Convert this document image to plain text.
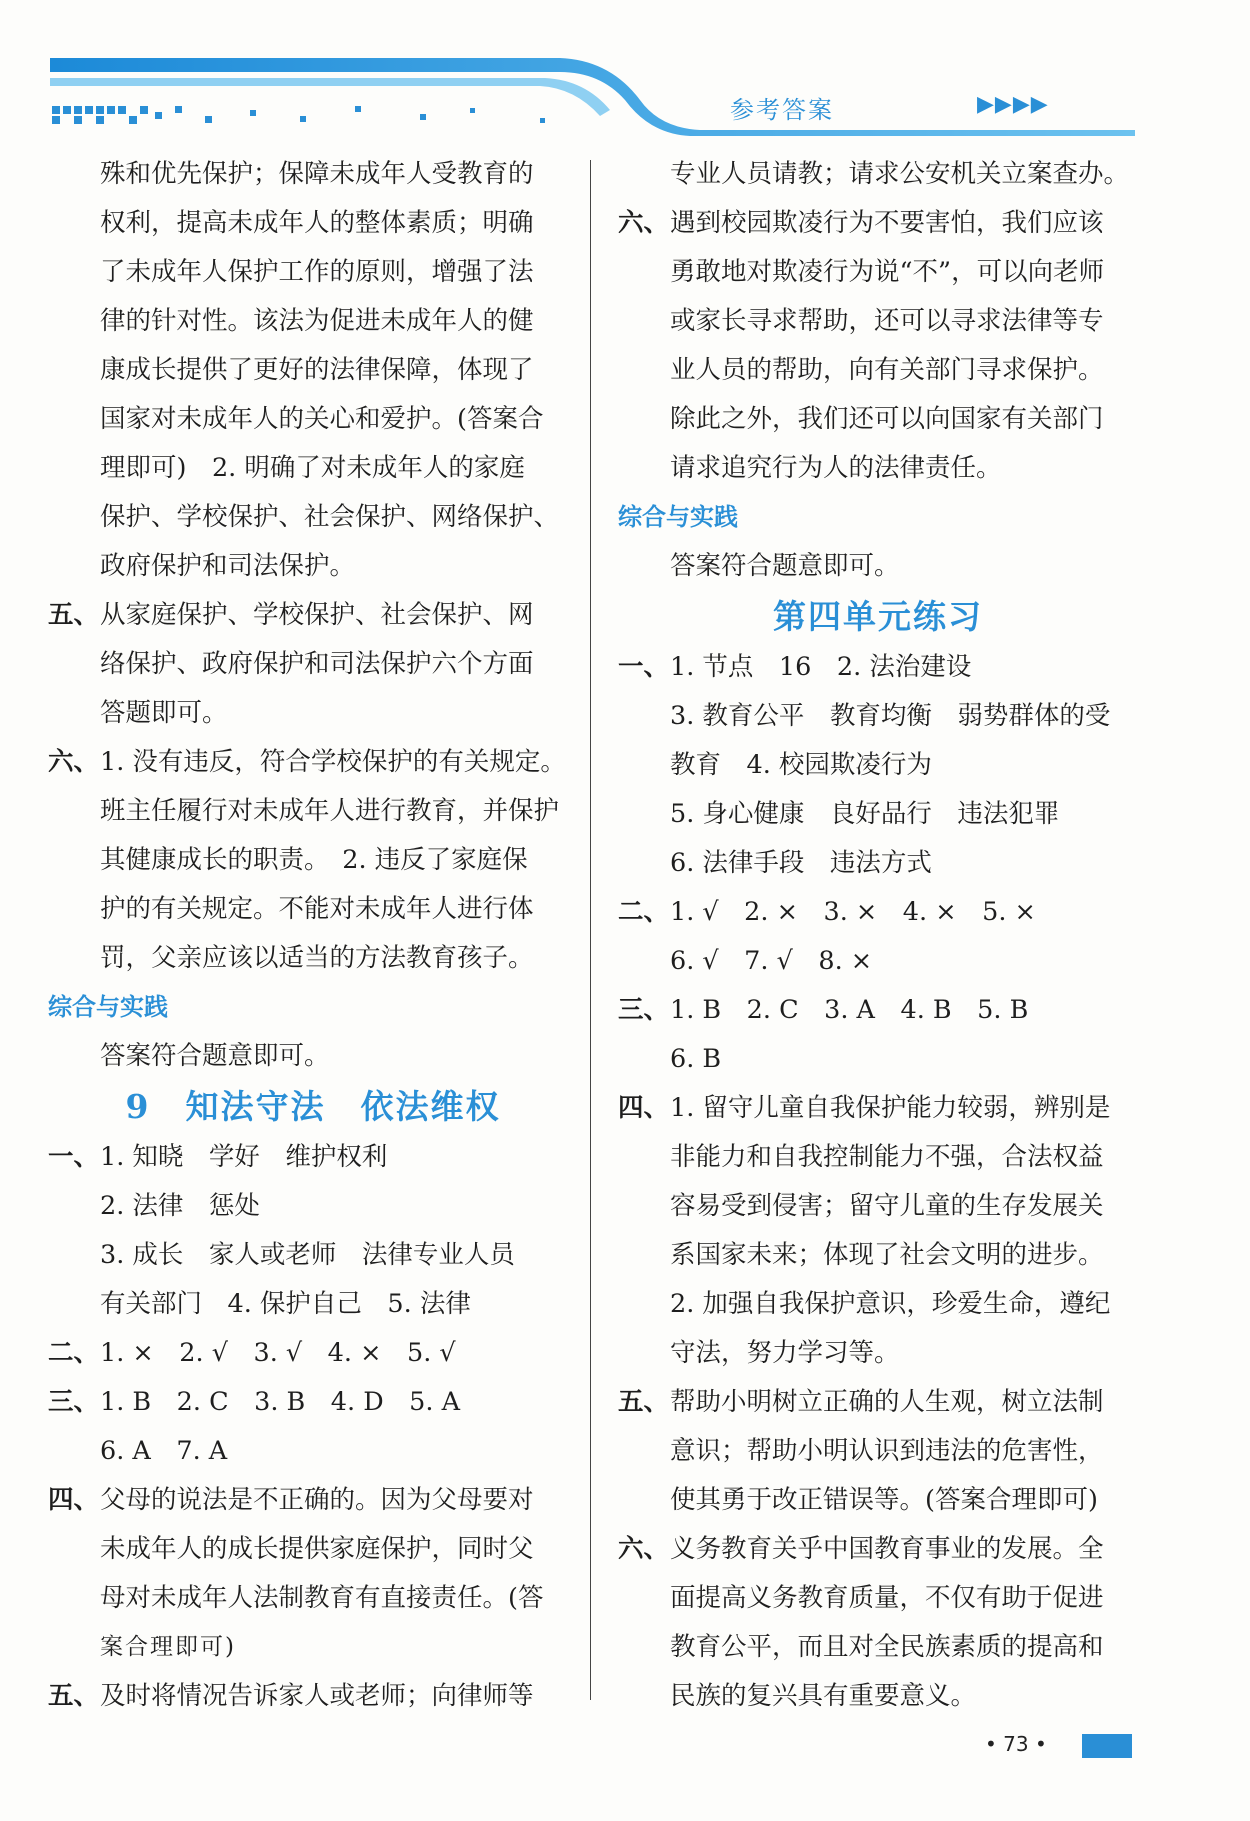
参考答案	▶▶▶▶
殊和优先保护；保障未成年人受教育的
权利，提高未成年人的整体素质；明确
了未成年人保护工作的原则，增强了法
律的针对性。该法为促进未成年人的健
康成长提供了更好的法律保障，体现了
国家对未成年人的关心和爱护。(答案合
理即可)　2. 明确了对未成年人的家庭
保护、学校保护、社会保护、网络保护、
政府保护和司法保护。
五、 从家庭保护、学校保护、社会保护、网
络保护、政府保护和司法保护六个方面
答题即可。
六、 1. 没有违反，符合学校保护的有关规定。
班主任履行对未成年人进行教育，并保护
其健康成长的职责。　2. 违反了家庭保
护的有关规定。不能对未成年人进行体
罚，父亲应该以适当的方法教育孩子。
综合与实践
答案符合题意即可。
9　知法守法　依法维权
一、 1. 知晓　学好　维护权利
2. 法律　惩处
3. 成长　家人或老师　法律专业人员
有关部门　4. 保护自己　5. 法律
二、 1. ×　2. √　3. √　4. ×　5. √
三、 1. B　2. C　3. B　4. D　5. A
6. A　7. A
四、 父母的说法是不正确的。因为父母要对
未成年人的成长提供家庭保护，同时父
母对未成年人法制教育有直接责任。(答
案合理即可)
五、 及时将情况告诉家人或老师；向律师等
专业人员请教；请求公安机关立案查办。
六、 遇到校园欺凌行为不要害怕，我们应该
勇敢地对欺凌行为说“不”，可以向老师
或家长寻求帮助，还可以寻求法律等专
业人员的帮助，向有关部门寻求保护。
除此之外，我们还可以向国家有关部门
请求追究行为人的法律责任。
综合与实践
答案符合题意即可。
第四单元练习
一、 1. 节点　16　2. 法治建设
3. 教育公平　教育均衡　弱势群体的受
教育　4. 校园欺凌行为
5. 身心健康　良好品行　违法犯罪
6. 法律手段　违法方式
二、 1. √　2. ×　3. ×　4. ×　5. ×
6. √　7. √　8. ×
三、 1. B　2. C　3. A　4. B　5. B
6. B
四、 1. 留守儿童自我保护能力较弱，辨别是
非能力和自我控制能力不强，合法权益
容易受到侵害；留守儿童的生存发展关
系国家未来；体现了社会文明的进步。
2. 加强自我保护意识，珍爱生命，遵纪
守法，努力学习等。
五、 帮助小明树立正确的人生观，树立法制
意识；帮助小明认识到违法的危害性，
使其勇于改正错误等。(答案合理即可)
六、 义务教育关乎中国教育事业的发展。全
面提高义务教育质量，不仅有助于促进
教育公平，而且对全民族素质的提高和
民族的复兴具有重要意义。
• 73 •
